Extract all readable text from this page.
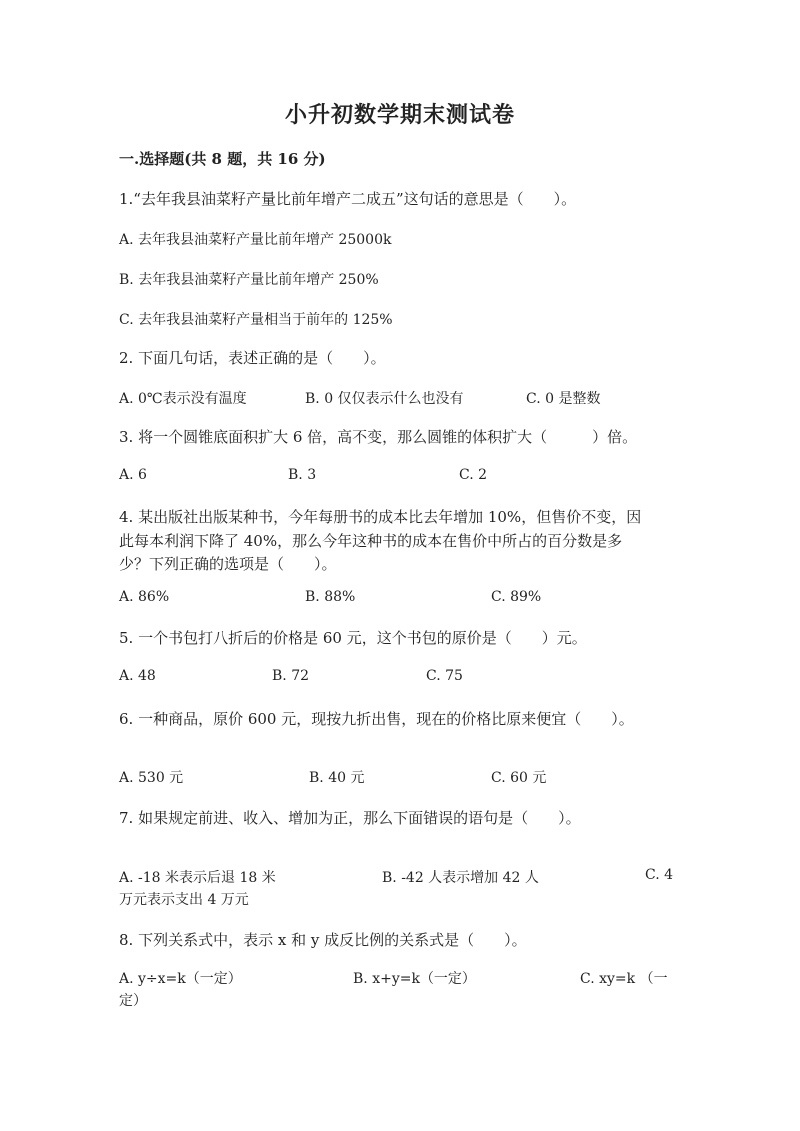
小升初数学期末测试卷
一.选择题(共 8 题，共 16 分)
1.“去年我县油菜籽产量比前年增产二成五”这句话的意思是（　　）。
A. 去年我县油菜籽产量比前年增产 25000k
B. 去年我县油菜籽产量比前年增产 250%
C. 去年我县油菜籽产量相当于前年的 125%
2. 下面几句话，表述正确的是（　　）。
A. 0℃表示没有温度	B. 0 仅仅表示什么也没有	C. 0 是整数
3. 将一个圆锥底面积扩大 6 倍，高不变，那么圆锥的体积扩大（　　　）倍。
A. 6	B. 3	C. 2
4. 某出版社出版某种书，今年每册书的成本比去年增加 10%，但售价不变，因
此每本利润下降了 40%，那么今年这种书的成本在售价中所占的百分数是多
少？下列正确的选项是（　　）。
A. 86%	B. 88%	C. 89%
5. 一个书包打八折后的价格是 60 元，这个书包的原价是（　　）元。
A. 48	B. 72	C. 75
6. 一种商品，原价 600 元，现按九折出售，现在的价格比原来便宜（　　）。
A. 530 元	B. 40 元	C. 60 元
7. 如果规定前进、收入、增加为正，那么下面错误的语句是（　　）。
A. -18 米表示后退 18 米	B. -42 人表示增加 42 人	C. 4
万元表示支出 4 万元
8. 下列关系式中，表示 x 和 y 成反比例的关系式是（　　）。
A. y÷x=k（一定）	B. x+y=k（一定）	C. xy=k （一
定）
